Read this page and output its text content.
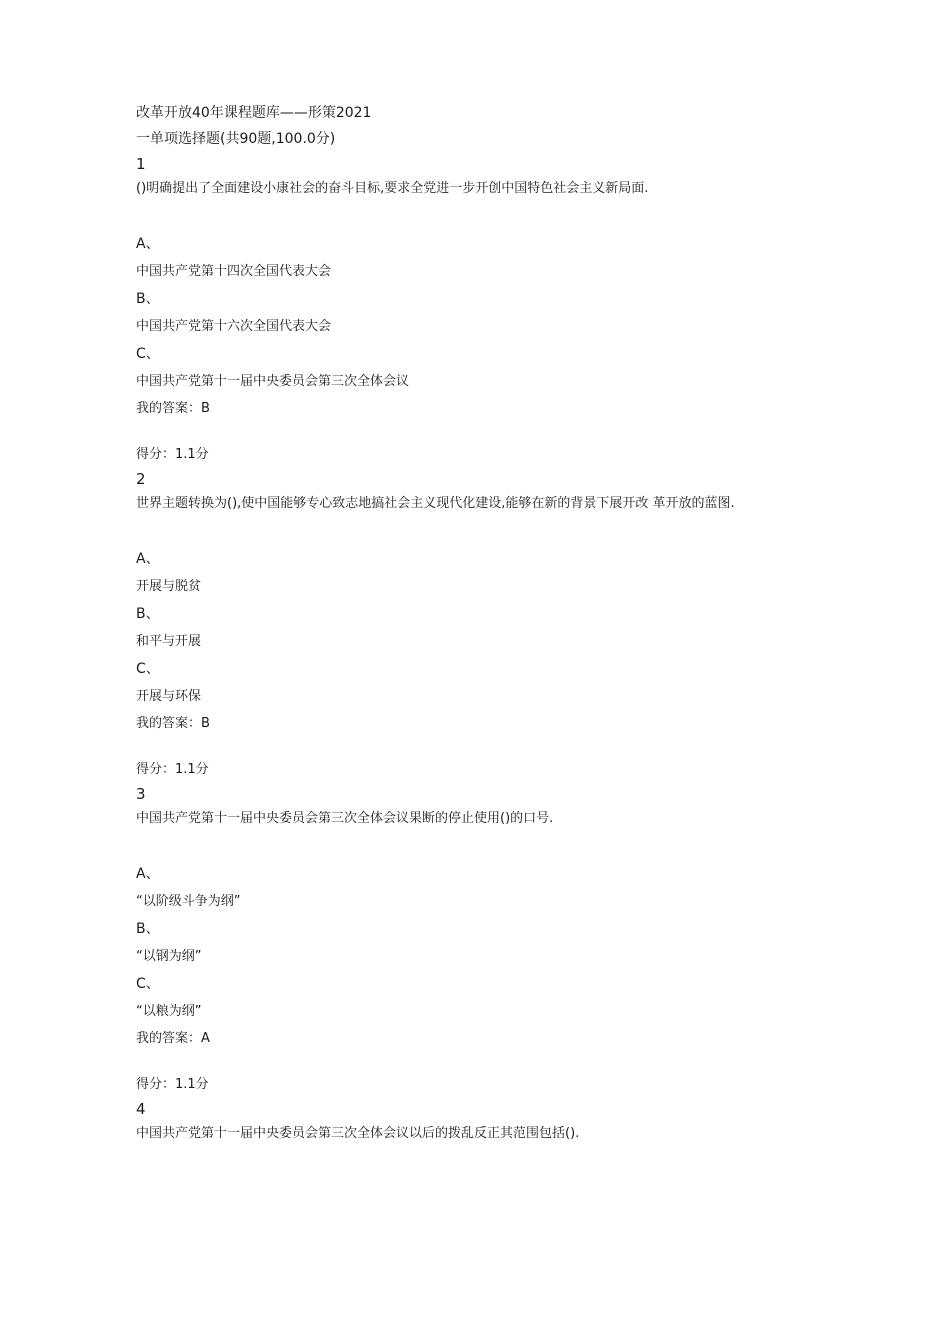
改革开放40年课程题库——形策2021
一单项选择题(共90题,100.0分)
1
()明确提出了全面建设小康社会的奋斗目标,要求全党进一步开创中国特色社会主义新局面.
A、
中国共产党第十四次全国代表大会
B、
中国共产党第十六次全国代表大会
C、
中国共产党第十一届中央委员会第三次全体会议
我的答案：B
得分：1.1分
2
世界主题转换为(),使中国能够专心致志地搞社会主义现代化建设,能够在新的背景下展开改 革开放的蓝图.
A、
开展与脱贫
B、
和平与开展
C、
开展与环保
我的答案：B
得分：1.1分
3
中国共产党第十一届中央委员会第三次全体会议果断的停止使用()的口号.
A、
“以阶级斗争为纲”
B、
“以钢为纲”
C、
“以粮为纲”
我的答案：A
得分：1.1分
4
中国共产党第十一届中央委员会第三次全体会议以后的拨乱反正其范围包括().
